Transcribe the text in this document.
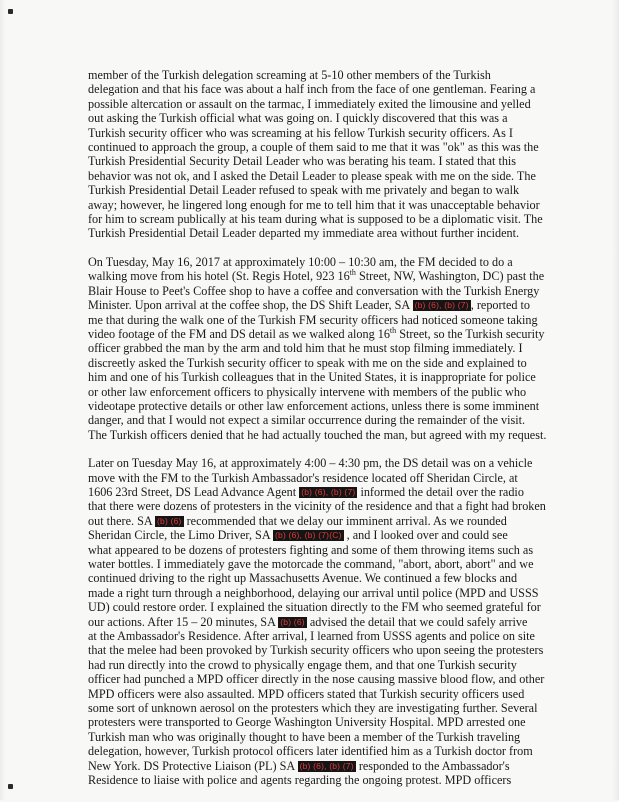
member of the Turkish delegation screaming at 5-10 other members of the Turkish
delegation and that his face was about a half inch from the face of one gentleman. Fearing a
possible altercation or assault on the tarmac, I immediately exited the limousine and yelled
out asking the Turkish official what was going on. I quickly discovered that this was a
Turkish security officer who was screaming at his fellow Turkish security officers. As I
continued to approach the group, a couple of them said to me that it was "ok" as this was the
Turkish Presidential Security Detail Leader who was berating his team. I stated that this
behavior was not ok, and I asked the Detail Leader to please speak with me on the side. The
Turkish Presidential Detail Leader refused to speak with me privately and began to walk
away; however, he lingered long enough for me to tell him that it was unacceptable behavior
for him to scream publically at his team during what is supposed to be a diplomatic visit. The
Turkish Presidential Detail Leader departed my immediate area without further incident.
On Tuesday, May 16, 2017 at approximately 10:00 – 10:30 am, the FM decided to do a
walking move from his hotel (St. Regis Hotel, 923 16th Street, NW, Washington, DC) past the
Blair House to Peet's Coffee shop to have a coffee and conversation with the Turkish Energy
Minister. Upon arrival at the coffee shop, the DS Shift Leader, SA (b) (6), (b) (7) , reported to
me that during the walk one of the Turkish FM security officers had noticed someone taking
video footage of the FM and DS detail as we walked along 16th Street, so the Turkish security
officer grabbed the man by the arm and told him that he must stop filming immediately. I
discreetly asked the Turkish security officer to speak with me on the side and explained to
him and one of his Turkish colleagues that in the United States, it is inappropriate for police
or other law enforcement officers to physically intervene with members of the public who
videotape protective details or other law enforcement actions, unless there is some imminent
danger, and that I would not expect a similar occurrence during the remainder of the visit.
The Turkish officers denied that he had actually touched the man, but agreed with my request.
Later on Tuesday May 16, at approximately 4:00 – 4:30 pm, the DS detail was on a vehicle
move with the FM to the Turkish Ambassador's residence located off Sheridan Circle, at
1606 23rd Street, DS Lead Advance Agent (b) (6), (b) (7) informed the detail over the radio
that there were dozens of protesters in the vicinity of the residence and that a fight had broken
out there. SA (b) (6) recommended that we delay our imminent arrival. As we rounded
Sheridan Circle, the Limo Driver, SA (b) (6), (b) (7)(C) , and I looked over and could see
what appeared to be dozens of protesters fighting and some of them throwing items such as
water bottles. I immediately gave the motorcade the command, "abort, abort, abort" and we
continued driving to the right up Massachusetts Avenue. We continued a few blocks and
made a right turn through a neighborhood, delaying our arrival until police (MPD and USSS
UD) could restore order. I explained the situation directly to the FM who seemed grateful for
our actions. After 15 – 20 minutes, SA (b) (6) advised the detail that we could safely arrive
at the Ambassador's Residence. After arrival, I learned from USSS agents and police on site
that the melee had been provoked by Turkish security officers who upon seeing the protesters
had run directly into the crowd to physically engage them, and that one Turkish security
officer had punched a MPD officer directly in the nose causing massive blood flow, and other
MPD officers were also assaulted. MPD officers stated that Turkish security officers used
some sort of unknown aerosol on the protesters which they are investigating further. Several
protesters were transported to George Washington University Hospital. MPD arrested one
Turkish man who was originally thought to have been a member of the Turkish traveling
delegation, however, Turkish protocol officers later identified him as a Turkish doctor from
New York. DS Protective Liaison (PL) SA (b) (6), (b) (7) responded to the Ambassador's
Residence to liaise with police and agents regarding the ongoing protest. MPD officers
